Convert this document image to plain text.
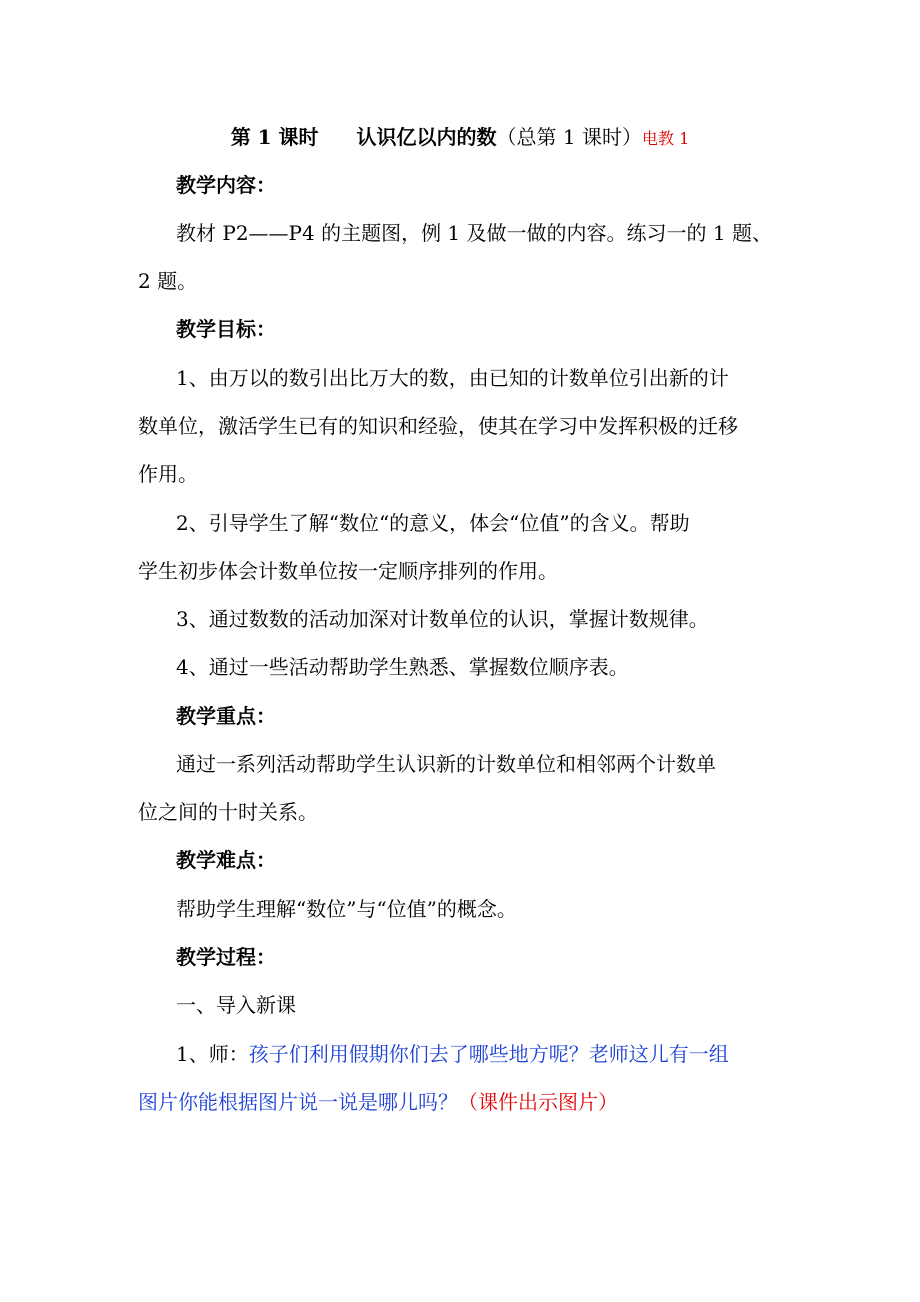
第 1 课时 认识亿以内的数（总第 1 课时）电教 1
教学内容：
教材 P2——P4 的主题图，例 1 及做一做的内容。练习一的 1 题、
2 题。
教学目标：
1、由万以的数引出比万大的数，由已知的计数单位引出新的计
数单位，激活学生已有的知识和经验，使其在学习中发挥积极的迁移
作用。
2、引导学生了解“数位“的意义，体会“位值”的含义。帮助
学生初步体会计数单位按一定顺序排列的作用。
3、通过数数的活动加深对计数单位的认识，掌握计数规律。
4、通过一些活动帮助学生熟悉、掌握数位顺序表。
教学重点：
通过一系列活动帮助学生认识新的计数单位和相邻两个计数单
位之间的十时关系。
教学难点：
帮助学生理解“数位”与“位值”的概念。
教学过程：
一、导入新课
1、师：孩子们利用假期你们去了哪些地方呢？老师这儿有一组
图片你能根据图片说一说是哪儿吗？（课件出示图片）
